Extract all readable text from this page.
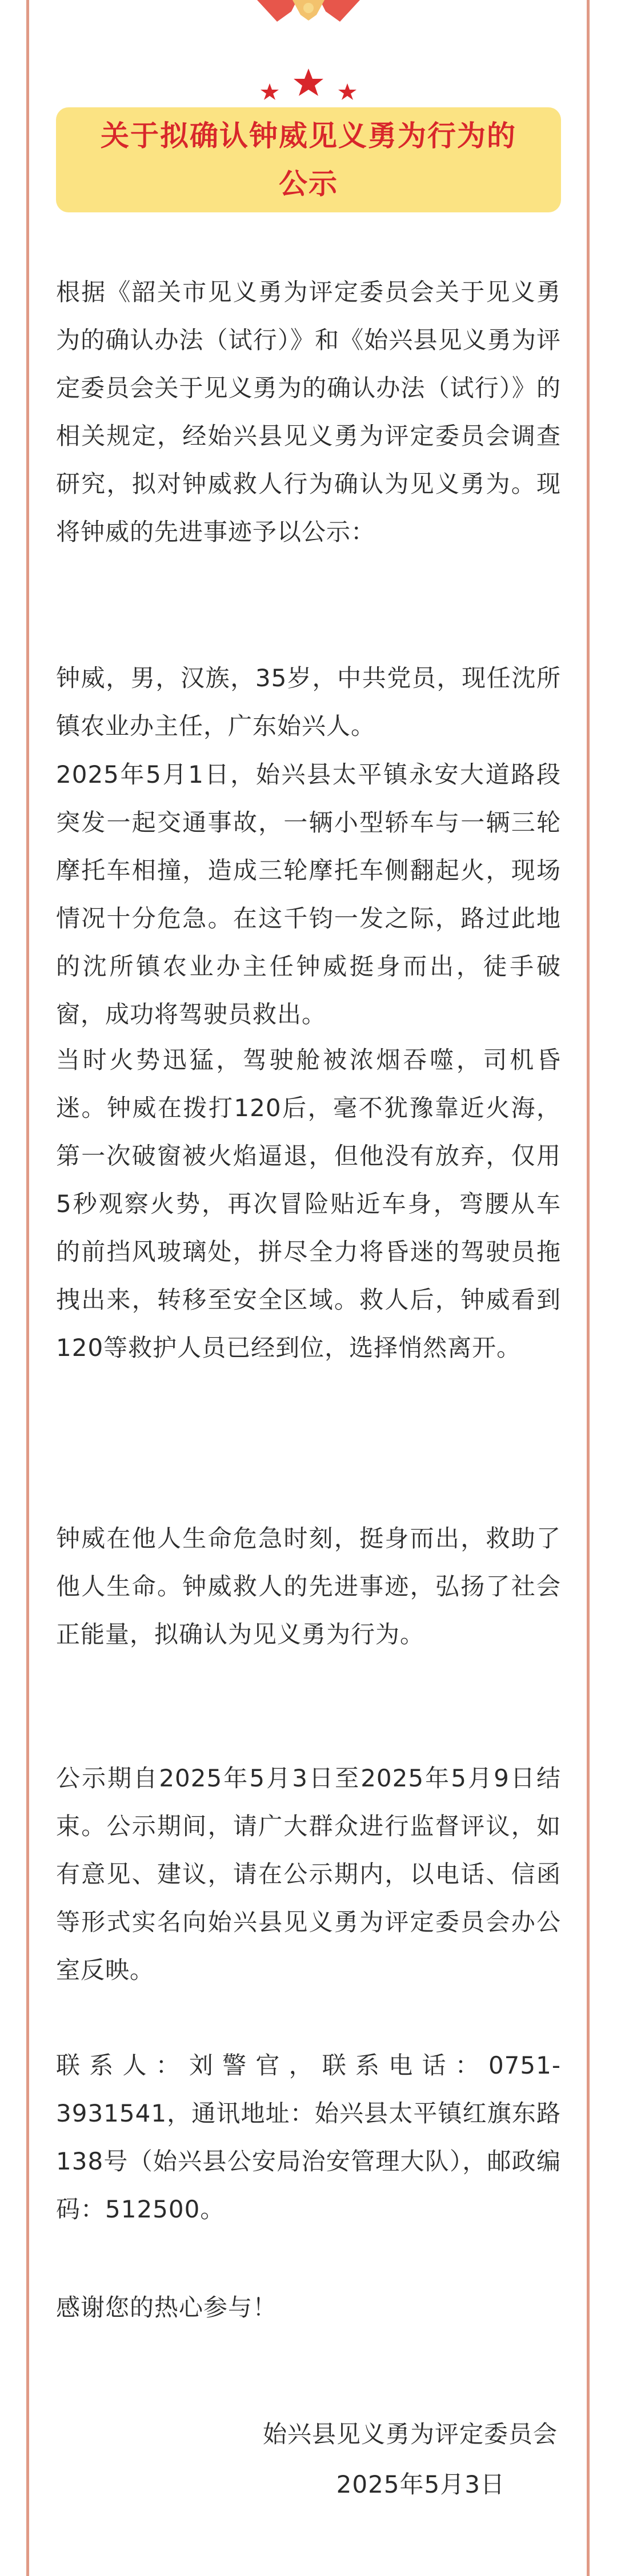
关于拟确认钟威见义勇为行为的公示
根据《韶关市见义勇为评定委员会关于见义勇为的确认办法（试行）》和《始兴县见义勇为评定委员会关于见义勇为的确认办法（试行）》的相关规定，经始兴县见义勇为评定委员会调查研究，拟对钟威救人行为确认为见义勇为。现将钟威的先进事迹予以公示：
钟威，男，汉族，35岁，中共党员，现任沈所镇农业办主任，广东始兴人。
2025年5月1日，始兴县太平镇永安大道路段突发一起交通事故，一辆小型轿车与一辆三轮摩托车相撞，造成三轮摩托车侧翻起火，现场情况十分危急。在这千钧一发之际，路过此地的沈所镇农业办主任钟威挺身而出，徒手破窗，成功将驾驶员救出。
当时火势迅猛，驾驶舱被浓烟吞噬，司机昏迷。钟威在拨打120后，毫不犹豫靠近火海，第一次破窗被火焰逼退，但他没有放弃，仅用5秒观察火势，再次冒险贴近车身，弯腰从车的前挡风玻璃处，拼尽全力将昏迷的驾驶员拖拽出来，转移至安全区域。救人后，钟威看到120等救护人员已经到位，选择悄然离开。
钟威在他人生命危急时刻，挺身而出，救助了他人生命。钟威救人的先进事迹，弘扬了社会正能量，拟确认为见义勇为行为。
公示期自2025年5月3日至2025年5月9日结束。公示期间，请广大群众进行监督评议，如有意见、建议，请在公示期内，以电话、信函等形式实名向始兴县见义勇为评定委员会办公室反映。
联系人：刘警官，联系电话：0751-3931541，通讯地址：始兴县太平镇红旗东路138号（始兴县公安局治安管理大队），邮政编码：512500。
感谢您的热心参与！
始兴县见义勇为评定委员会
2025年5月3日
